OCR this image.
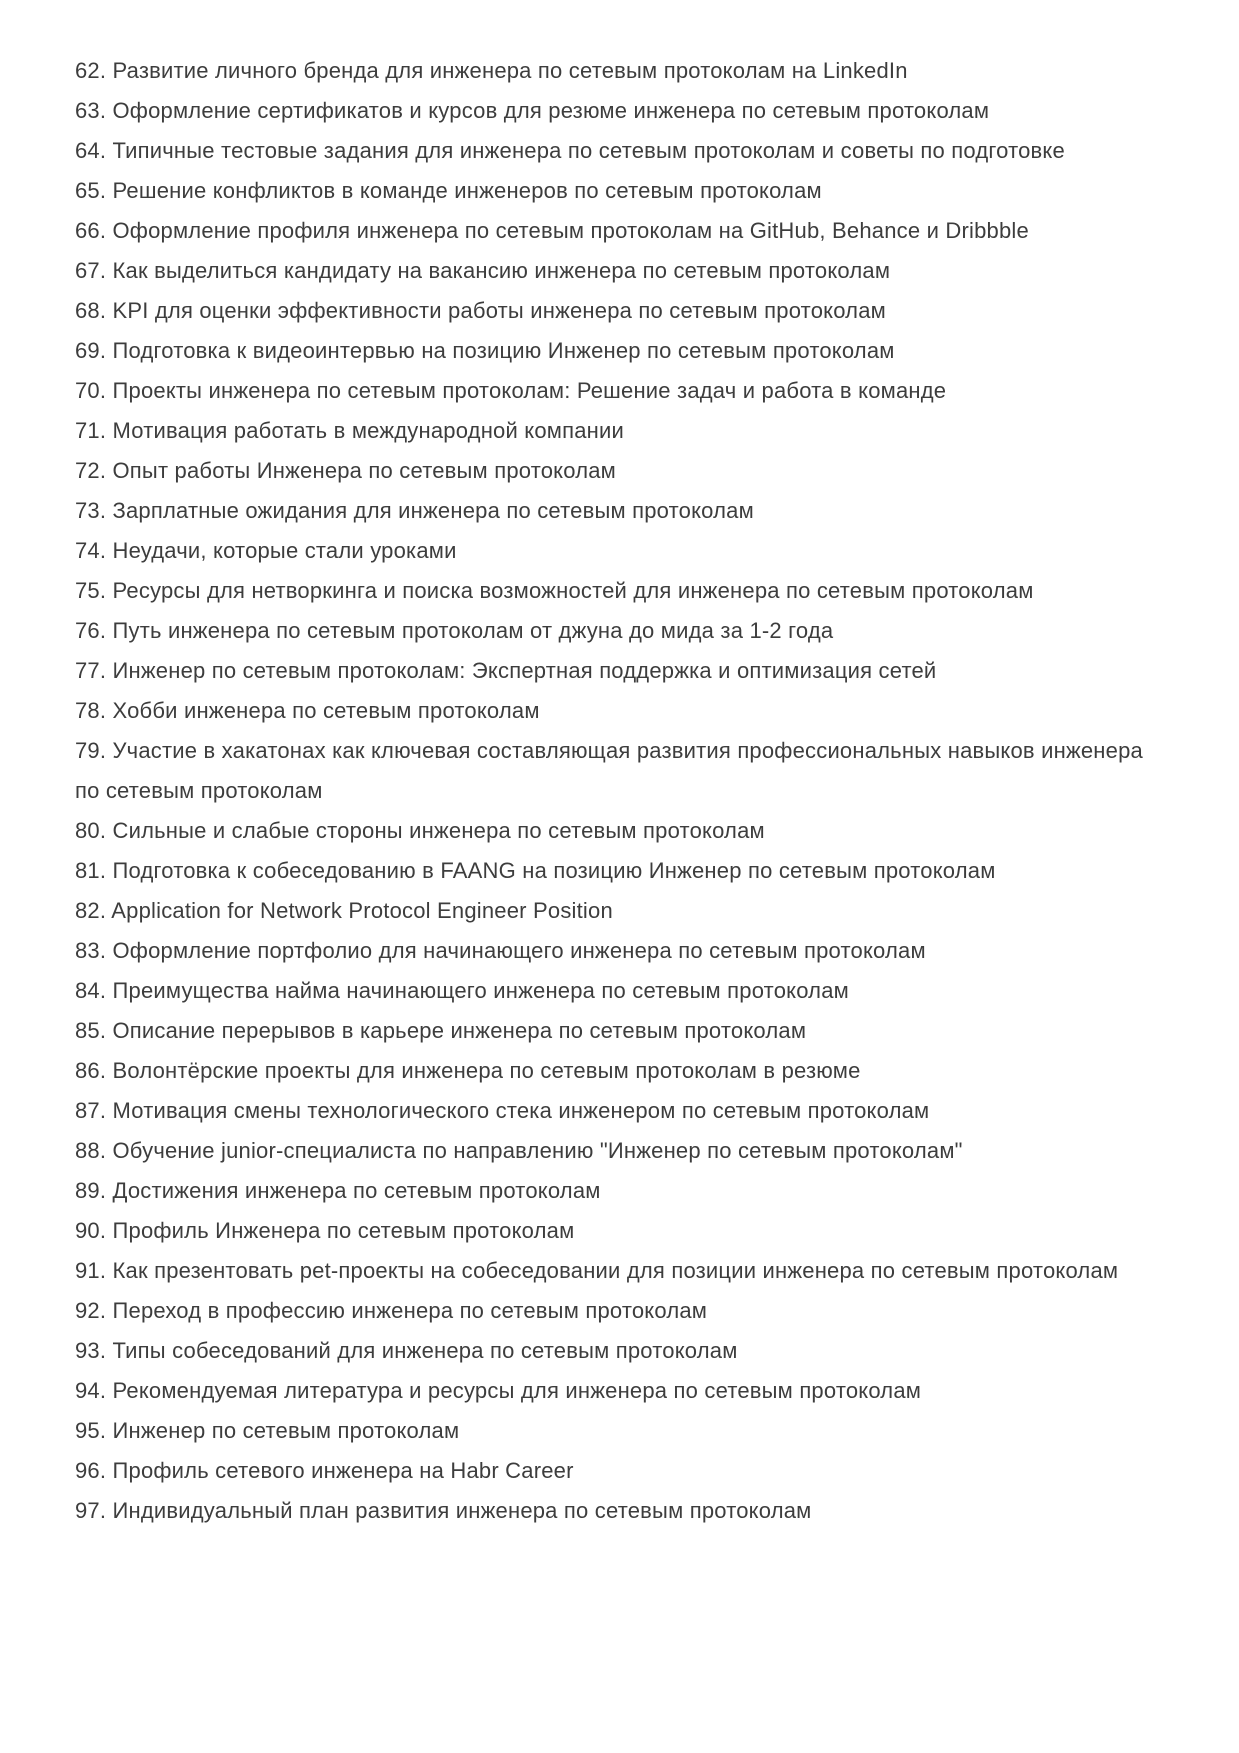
62. Развитие личного бренда для инженера по сетевым протоколам на LinkedIn

63. Оформление сертификатов и курсов для резюме инженера по сетевым протоколам

64. Типичные тестовые задания для инженера по сетевым протоколам и советы по подготовке

65. Решение конфликтов в команде инженеров по сетевым протоколам

66. Оформление профиля инженера по сетевым протоколам на GitHub, Behance и Dribbble

67. Как выделиться кандидату на вакансию инженера по сетевым протоколам

68. KPI для оценки эффективности работы инженера по сетевым протоколам

69. Подготовка к видеоинтервью на позицию Инженер по сетевым протоколам

70. Проекты инженера по сетевым протоколам: Решение задач и работа в команде

71. Мотивация работать в международной компании

72. Опыт работы Инженера по сетевым протоколам

73. Зарплатные ожидания для инженера по сетевым протоколам

74. Неудачи, которые стали уроками

75. Ресурсы для нетворкинга и поиска возможностей для инженера по сетевым протоколам

76. Путь инженера по сетевым протоколам от джуна до мида за 1-2 года

77. Инженер по сетевым протоколам: Экспертная поддержка и оптимизация сетей

78. Хобби инженера по сетевым протоколам

79. Участие в хакатонах как ключевая составляющая развития профессиональных навыков инженера по сетевым протоколам

80. Сильные и слабые стороны инженера по сетевым протоколам

81. Подготовка к собеседованию в FAANG на позицию Инженер по сетевым протоколам

82. Application for Network Protocol Engineer Position

83. Оформление портфолио для начинающего инженера по сетевым протоколам

84. Преимущества найма начинающего инженера по сетевым протоколам

85. Описание перерывов в карьере инженера по сетевым протоколам

86. Волонтёрские проекты для инженера по сетевым протоколам в резюме

87. Мотивация смены технологического стека инженером по сетевым протоколам

88. Обучение junior-специалиста по направлению "Инженер по сетевым протоколам"

89. Достижения инженера по сетевым протоколам

90. Профиль Инженера по сетевым протоколам

91. Как презентовать pet-проекты на собеседовании для позиции инженера по сетевым протоколам

92. Переход в профессию инженера по сетевым протоколам

93. Типы собеседований для инженера по сетевым протоколам

94. Рекомендуемая литература и ресурсы для инженера по сетевым протоколам

95. Инженер по сетевым протоколам

96. Профиль сетевого инженера на Habr Career

97. Индивидуальный план развития инженера по сетевым протоколам
